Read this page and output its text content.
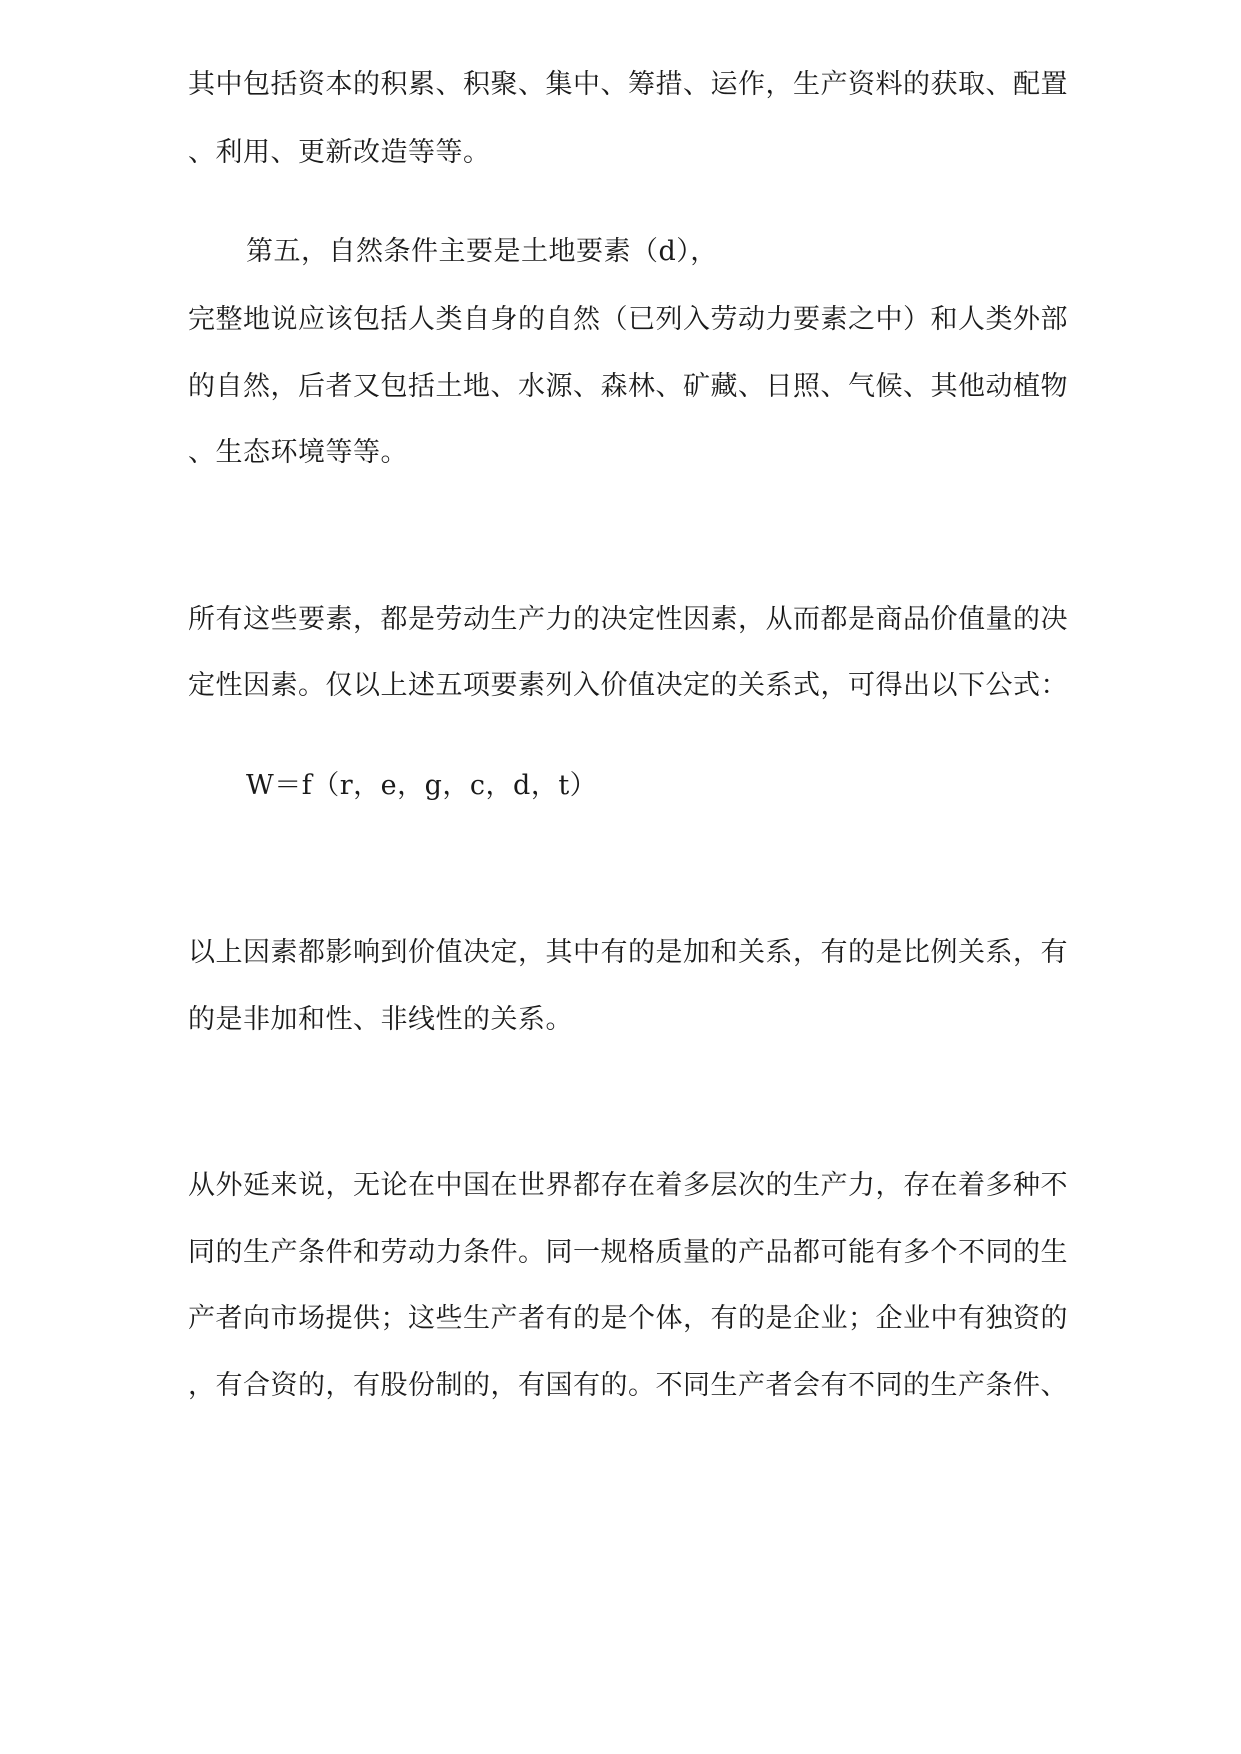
其中包括资本的积累、积聚、集中、筹措、运作，生产资料的获取、配置
、利用、更新改造等等。
第五，自然条件主要是土地要素（d），
完整地说应该包括人类自身的自然（已列入劳动力要素之中）和人类外部
的自然，后者又包括土地、水源、森林、矿藏、日照、气候、其他动植物
、生态环境等等。
所有这些要素，都是劳动生产力的决定性因素，从而都是商品价值量的决
定性因素。仅以上述五项要素列入价值决定的关系式，可得出以下公式：
W＝f（r，e，g，c，d，t）
以上因素都影响到价值决定，其中有的是加和关系，有的是比例关系，有
的是非加和性、非线性的关系。
从外延来说，无论在中国在世界都存在着多层次的生产力，存在着多种不
同的生产条件和劳动力条件。同一规格质量的产品都可能有多个不同的生
产者向市场提供；这些生产者有的是个体，有的是企业；企业中有独资的
，有合资的，有股份制的，有国有的。不同生产者会有不同的生产条件、
